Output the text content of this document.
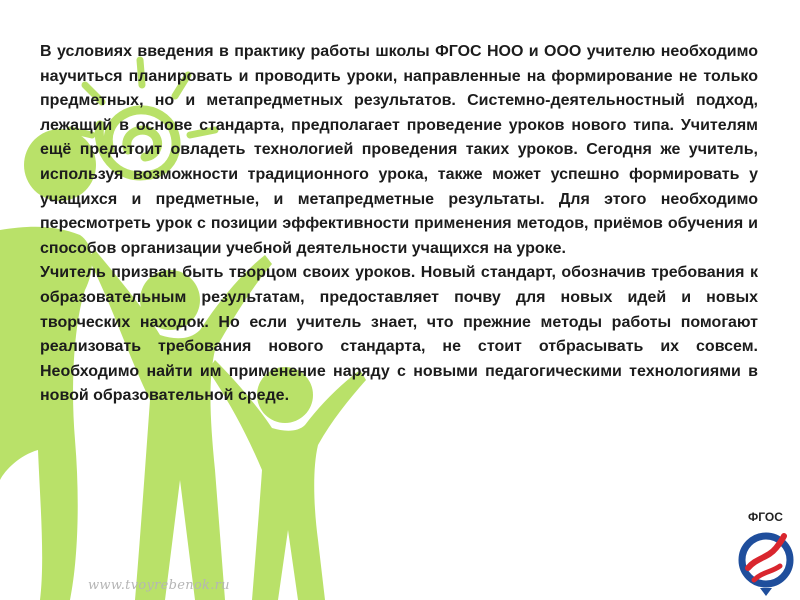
В условиях введения в практику работы школы ФГОС НОО и ООО учителю необходимо научиться планировать и проводить уроки, направленные на формирование не только предметных, но и метапредметных результатов. Системно-деятельностный подход, лежащий в основе стандарта, предполагает проведение уроков нового типа. Учителям ещё предстоит овладеть технологией проведения таких уроков. Сегодня же учитель, используя возможности традиционного урока, также может успешно формировать у учащихся и предметные, и метапредметные результаты. Для этого необходимо пересмотреть урок с позиции эффективности применения методов, приёмов обучения и способов организации учебной деятельности учащихся на уроке.

Учитель призван быть творцом своих уроков. Новый стандарт, обозначив требования к образовательным результатам, предоставляет почву для новых идей и новых творческих находок. Но если учитель знает, что прежние методы работы помогают реализовать требования нового стандарта, не стоит отбрасывать их совсем. Необходимо найти им применение наряду с новыми педагогическими технологиями в новой образовательной среде.

www.tvoyrebenok.ru
ФГОС
